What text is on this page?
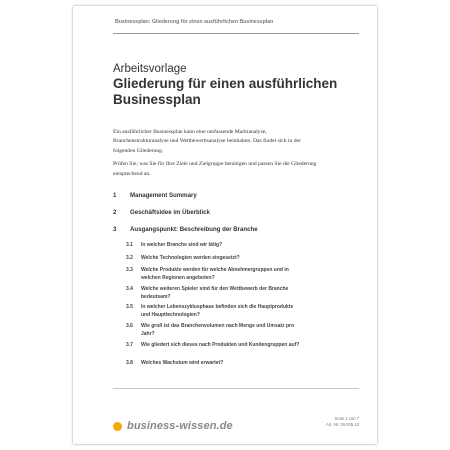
Businessplan: Gliederung für einen ausführlichen Businessplan
Arbeitsvorlage
Gliederung für einen ausführlichen Businessplan

Ein ausführlicher Businessplan kann eine umfassende Marktanalyse, Branchenstrukturanalyse und Wettbewerbsanalyse beinhalten. Das findet sich in der folgenden Gliederung.

Prüfen Sie, was Sie für Ihre Ziele und Zielgruppe benötigen und passen Sie die Gliederung entsprechend an.

1 Management Summary
2 Geschäftsidee im Überblick
3 Ausgangspunkt: Beschreibung der Branche
3.1 In welcher Branche sind wir tätig?
3.2 Welche Technologien werden eingesetzt?
3.3 Welche Produkte werden für welche Abnehmergruppen und in welchen Regionen angeboten?
3.4 Welche weiteren Spieler sind für den Wettbewerb der Branche bedeutsam?
3.5 In welcher Lebenszyklusphase befinden sich die Hauptprodukte und Haupttechnologien?
3.6 Wie groß ist das Branchenvolumen nach Menge und Umsatz pro Jahr?
3.7 Wie gliedert sich dieses nach Produkten und Kundengruppen auf?
3.8 Welches Wachstum wird erwartet?
business-wissen.de
Seite 1 von 7
Art.-Nr. 09.005.10
